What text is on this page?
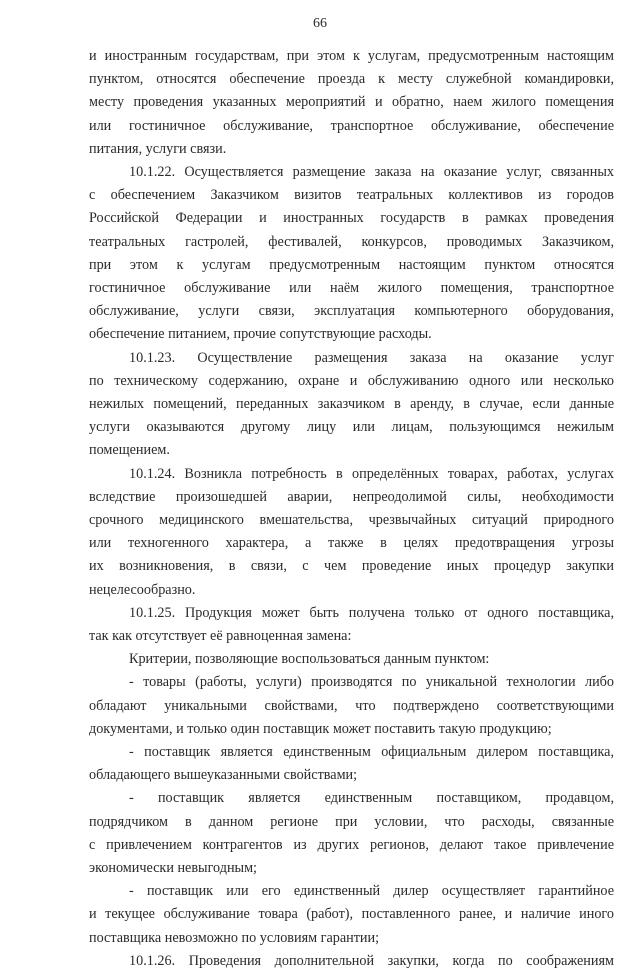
66
и иностранным государствам, при этом к услугам, предусмотренным настоящим
пунктом, относятся обеспечение проезда к месту служебной командировки,
месту проведения указанных мероприятий и обратно, наем жилого помещения
или гостиничное обслуживание, транспортное обслуживание, обеспечение
питания, услуги связи.
10.1.22. Осуществляется размещение заказа на оказание услуг, связанных
с обеспечением Заказчиком визитов театральных коллективов из городов
Российской Федерации и иностранных государств в рамках проведения
театральных гастролей, фестивалей, конкурсов, проводимых Заказчиком,
при этом к услугам предусмотренным настоящим пунктом относятся
гостиничное обслуживание или наём жилого помещения, транспортное
обслуживание, услуги связи, эксплуатация компьютерного оборудования,
обеспечение питанием, прочие сопутствующие расходы.
10.1.23. Осуществление размещения заказа на оказание услуг
по техническому содержанию, охране и обслуживанию одного или несколько
нежилых помещений, переданных заказчиком в аренду, в случае, если данные
услуги оказываются другому лицу или лицам, пользующимся нежилым
помещением.
10.1.24. Возникла потребность в определённых товарах, работах, услугах
вследствие произошедшей аварии, непреодолимой силы, необходимости
срочного медицинского вмешательства, чрезвычайных ситуаций природного
или техногенного характера, а также в целях предотвращения угрозы
их возникновения, в связи, с чем проведение иных процедур закупки
нецелесообразно.
10.1.25. Продукция может быть получена только от одного поставщика,
так как отсутствует её равноценная замена:
Критерии, позволяющие воспользоваться данным пунктом:
- товары (работы, услуги) производятся по уникальной технологии либо
обладают уникальными свойствами, что подтверждено соответствующими
документами, и только один поставщик может поставить такую продукцию;
- поставщик является единственным официальным дилером поставщика,
обладающего вышеуказанными свойствами;
- поставщик является единственным поставщиком, продавцом,
подрядчиком в данном регионе при условии, что расходы, связанные
с привлечением контрагентов из других регионов, делают такое привлечение
экономически невыгодным;
- поставщик или его единственный дилер осуществляет гарантийное
и текущее обслуживание товара (работ), поставленного ранее, и наличие иного
поставщика невозможно по условиям гарантии;
10.1.26. Проведения дополнительной закупки, когда по соображениям
